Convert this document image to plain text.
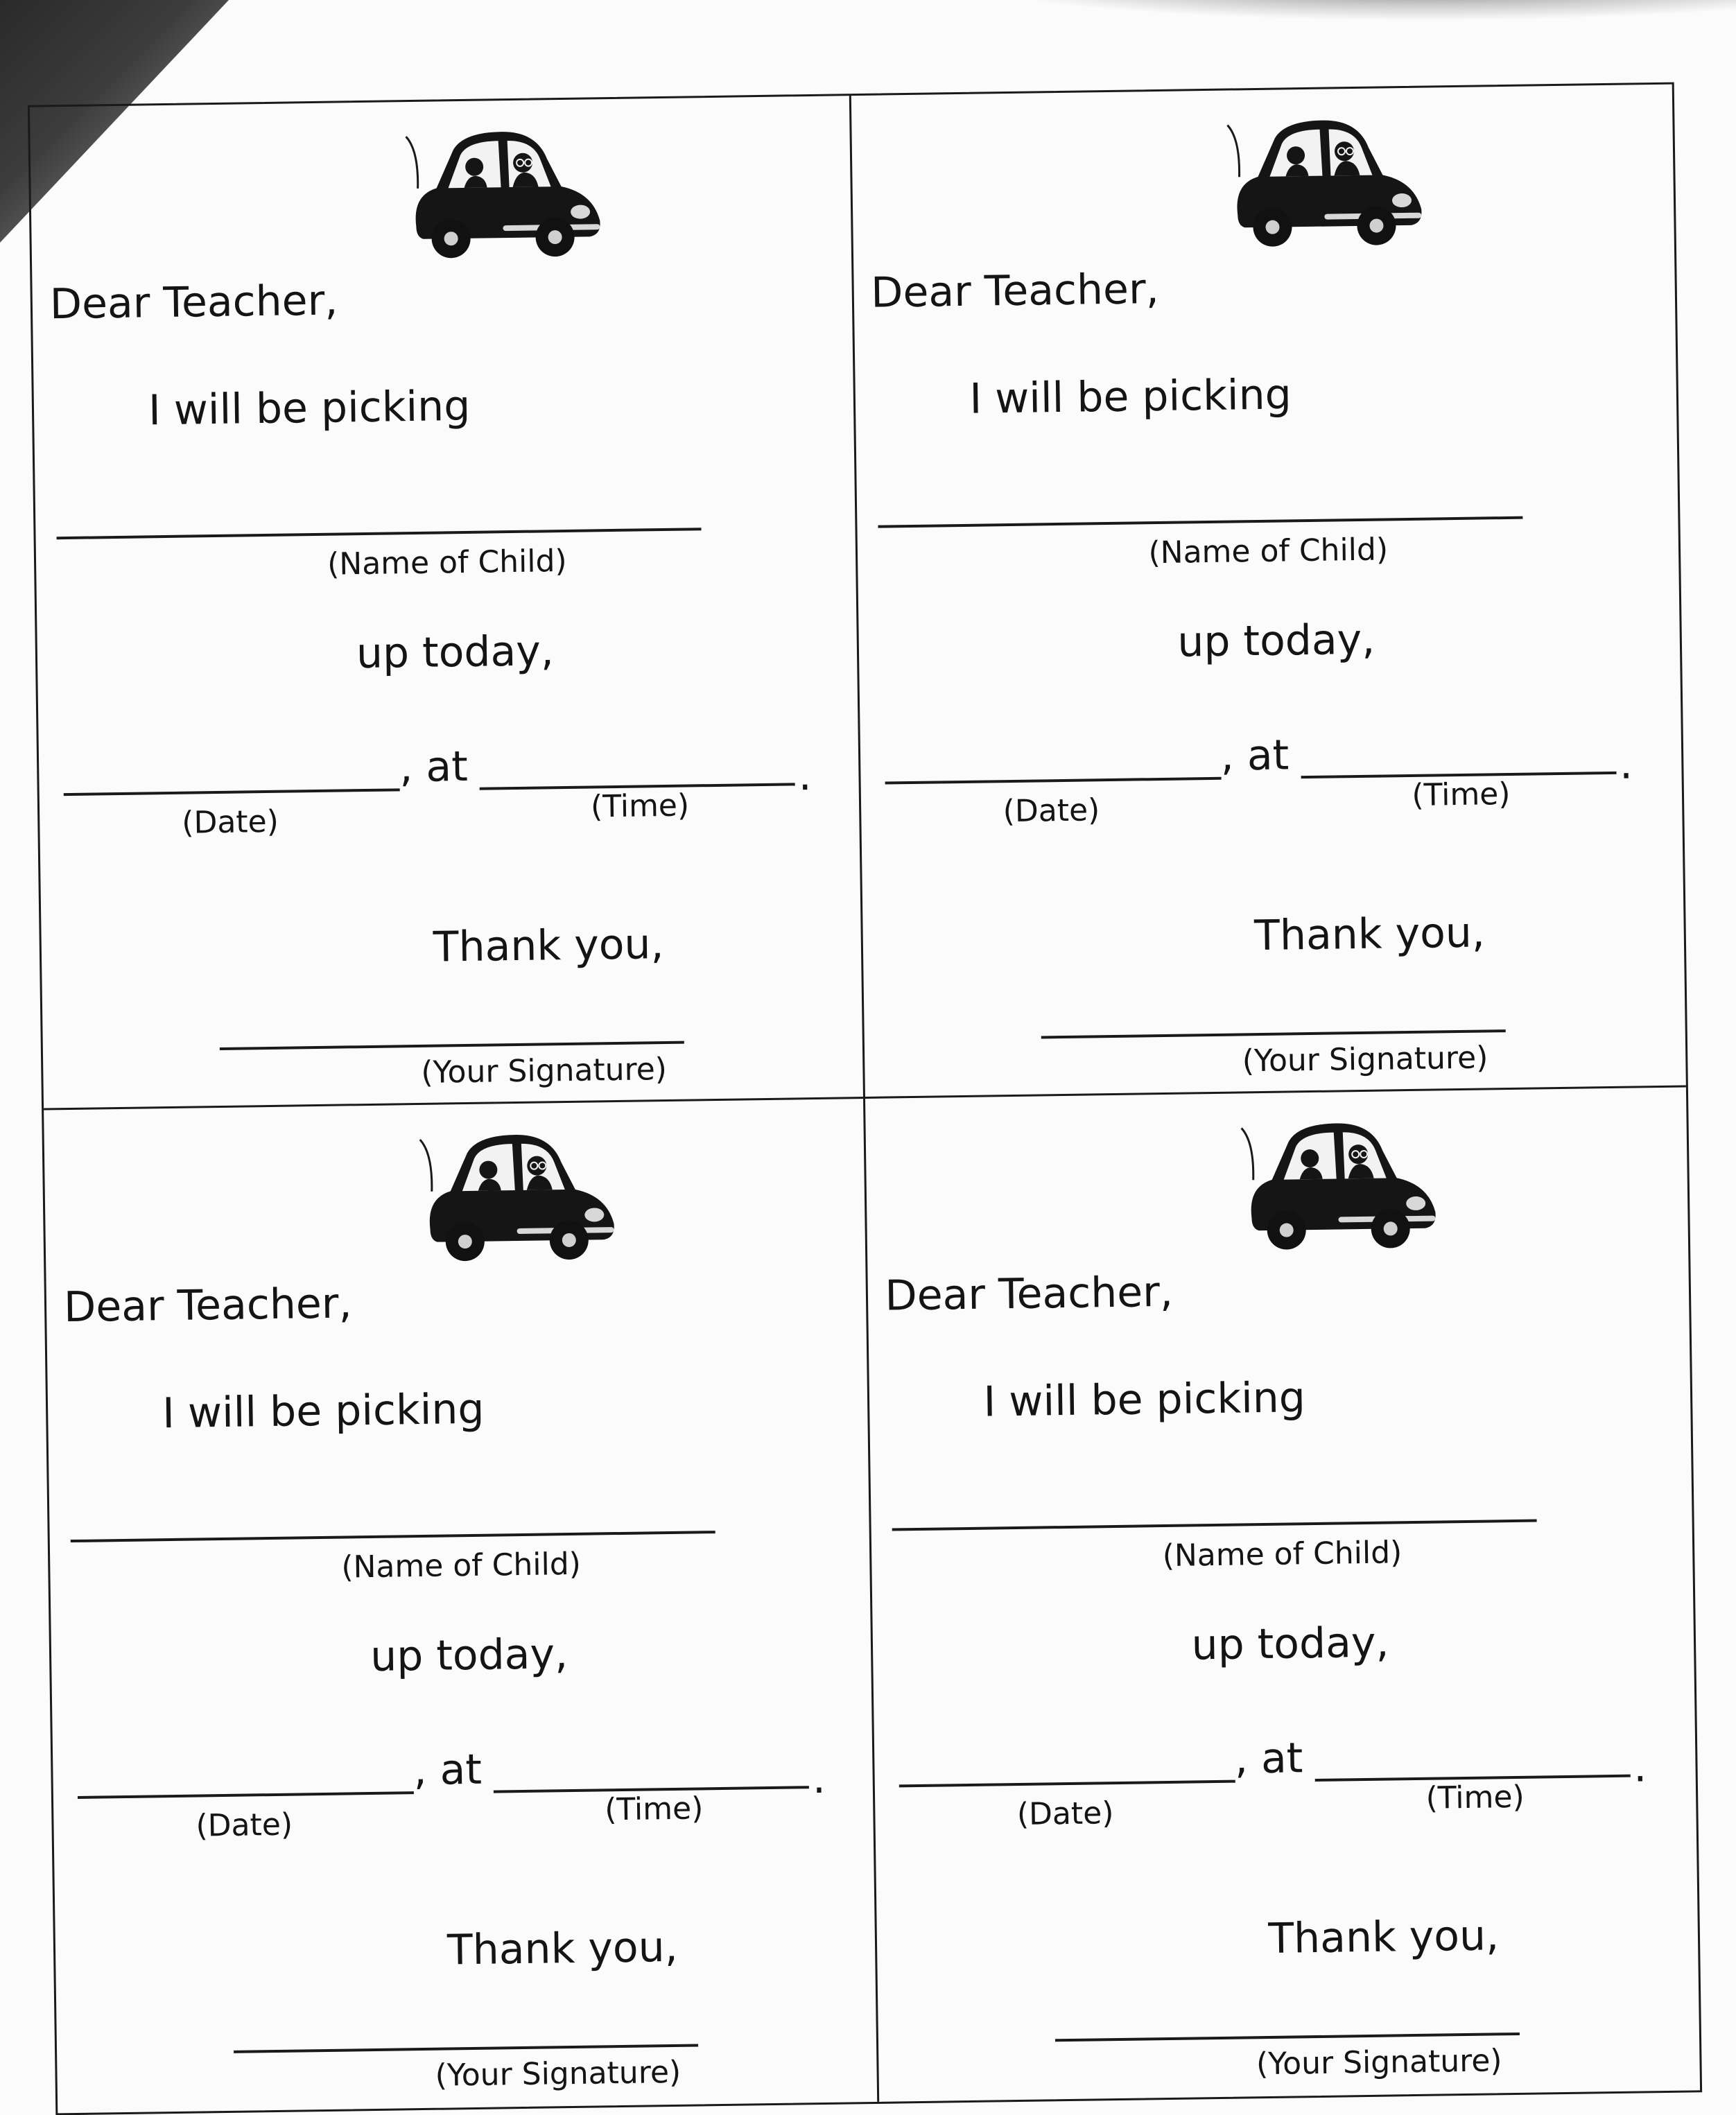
Dear Teacher,
I will be picking
(Name of Child)
up today,
, at	.
(Date)	(Time)
Thank you,
(Your Signature)
Dear Teacher,
I will be picking
(Name of Child)
up today,
, at	.
(Date)	(Time)
Thank you,
(Your Signature)
Dear Teacher,
I will be picking
(Name of Child)
up today,
, at	.
(Date)	(Time)
Thank you,
(Your Signature)
Dear Teacher,
I will be picking
(Name of Child)
up today,
, at	.
(Date)	(Time)
Thank you,
(Your Signature)
